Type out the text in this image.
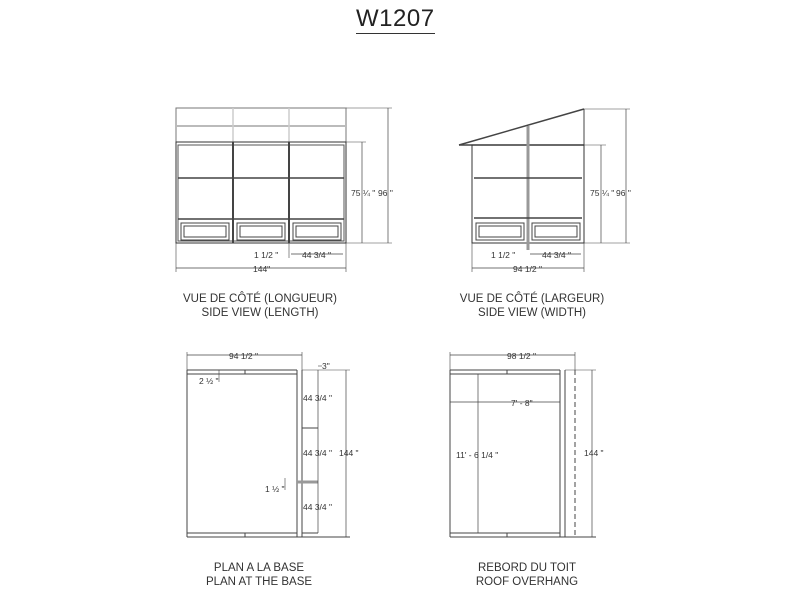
W1207
1 1/2 "	44 3/4 "
144"
75 ¼ " 96 "
1 1/2 "	44 3/4 "
94 1/2 "
75 ¼ " 96 "
94 1/2 "
2 ½ "
3"
44 3/4 "
44 3/4 "
44 3/4 "
1 ½ "
144 "
98 1/2 "
7' - 8"
11' - 6 1/4 "	144 "
VUE DE CÔTÉ (LONGUEUR)
SIDE VIEW (LENGTH)
VUE DE CÔTÉ (LARGEUR)
SIDE VIEW (WIDTH)
PLAN A LA BASE
PLAN AT THE BASE
REBORD DU TOIT
ROOF OVERHANG
